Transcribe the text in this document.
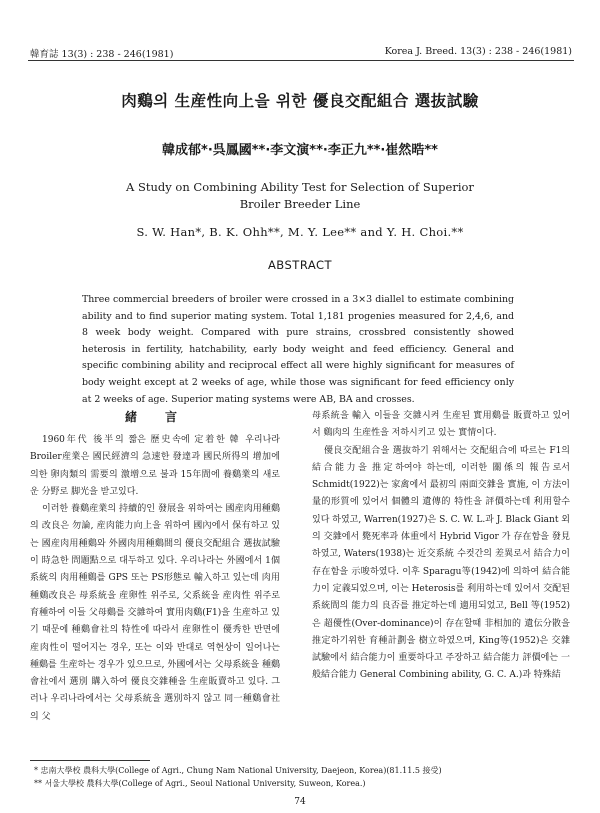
韓育誌 13(3) : 238 - 246(1981)	Korea J. Breed. 13(3) : 238 - 246(1981)
肉鷄의 生産性向上을 위한 優良交配組合 選抜試驗
韓成郁*·呉鳳國**·李文演**·李正九**·崔然晧**
A Study on Combining Ability Test for Selection of Superior
Broiler Breeder Line
S. W. Han*, B. K. Ohh**, M. Y. Lee** and Y. H. Choi.**
ABSTRACT

Three commercial breeders of broiler were crossed in a 3×3 diallel to estimate combining ability and to find superior mating system. Total 1,181 progenies measured for 2,4,6, and 8 week body weight. Compared with pure strains, crossbred consistently showed heterosis in fertility, hatchability, early body weight and feed efficiency. General and specific combining ability and reciprocal effect all were highly significant for measures of body weight except at 2 weeks of age, while those was significant for feed efficiency only at 2 weeks of age. Superior mating systems were AB, BA and crosses.

緒　言

1960年代 後半의 짧은 歷史속에 定着한 韓 우리나라 Broiler産業은 國民經濟의 急速한 發達과 國民所得의 增加에 의한 卵肉類의 需要의 激增으로 불과 15年間에 養鷄業의 새로운 分野로 脚光을 받고있다.

이러한 養鷄産業의 持續的인 發展을 위하여는 國産肉用種鷄의 改良은 勿論, 産肉能力向上을 위하여 國內에서 保有하고 있는 國産肉用種鷄와 外國肉用種鷄間의 優良交配組合 選抜試驗이 時急한 問題點으로 대두하고 있다. 우리나라는 外國에서 1個系統의 肉用種鷄를 GPS 또는 PS形態로 輸入하고 있는데 肉用種鷄改良은 母系統을 産卵性 위주로, 父系統을 産肉性 위주로 育種하여 이들 父母鷄를 交雜하여 實用肉鷄(F1)을 生産하고 있기 때문에 種鷄會社의 特性에 따라서 産卵性이 優秀한 반면에 産肉性이 떨어지는 경우, 또는 이와 반대로 역현상이 일어나는 種鷄를 生産하는 경우가 있으므로, 外國에서는 父母系統을 種鷄會社에서 選別 購入하여 優良交雜種을 生産販賣하고 있다. 그러나 우리나라에서는 父母系統을 選別하지 않고 同一種鷄會社의 父

母系統을 輸入 이들을 交雜시켜 生産된 實用鷄를 販賣하고 있어서 鷄肉의 生産性을 저하시키고 있는 實情이다.

優良交配組合을 選抜하기 위해서는 交配組合에 따르는 F1의 結合能力을 推定하여야 하는데, 이러한 關係의 報告로서 Schmidt(1922)는 家禽에서 最初의 兩面交雜을 實施, 이 方法이 量的形質에 있어서 個體의 遺傳的 特性을 評價하는데 利用할수 있다 하였고, Warren(1927)은 S. C. W. L.과 J. Black Giant 외의 交雜에서 斃死率과 体重에서 Hybrid Vigor 가 存在함을 發見하였고, Waters(1938)는 近交系統 수컷간의 差異로서 結合力이 存在함을 示唆하였다. 이후 Sparagu等(1942)에 의하여 結合能力이 定義되었으며, 이는 Heterosis를 利用하는데 있어서 交配된 系統間의 能力의 良否를 推定하는데 適用되었고, Bell 等(1952)은 超優性(Over-dominance)이 存在할때 非相加的 遺伝分散을 推定하기위한 育種計劃을 樹立하였으며, King等(1952)은 交雜試驗에서 結合能力이 重要하다고 주장하고 結合能力 評價에는 一般結合能力 General Combining ability, G. C. A.)과 特殊結

* 忠南大學校 農科大學(College of Agri., Chung Nam National University, Daejeon, Korea)(81.11.5 接受)
** 서울大學校 農科大學(College of Agri., Seoul National University, Suweon, Korea.)
74
